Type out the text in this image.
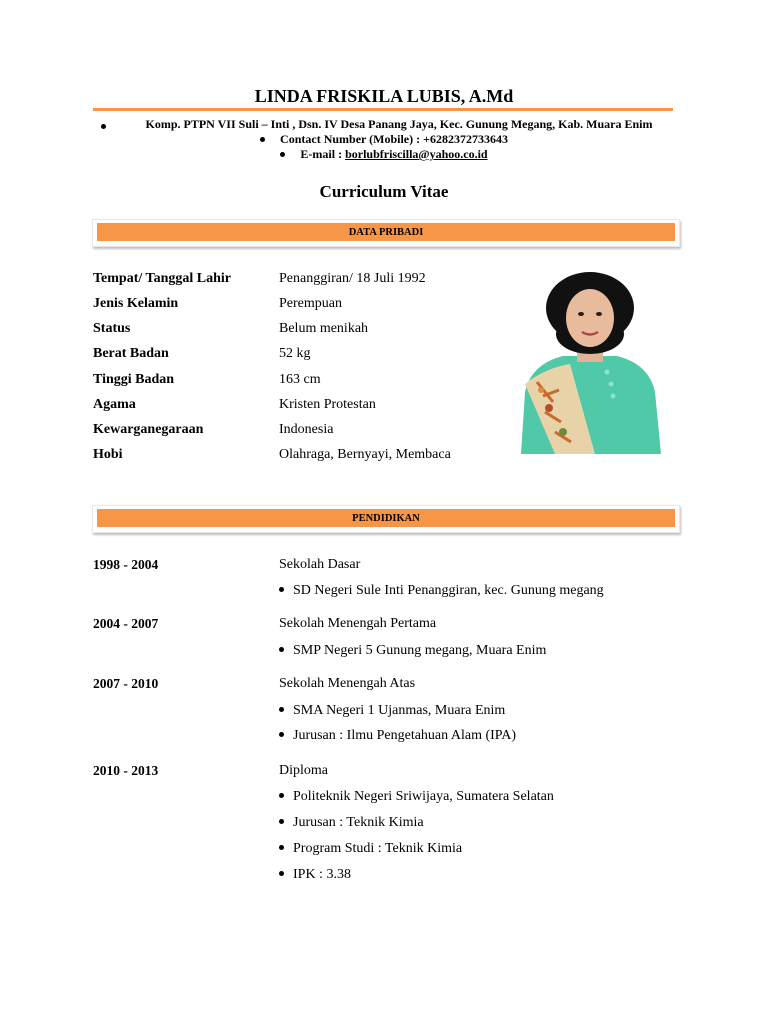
LINDA FRISKILA LUBIS, A.Md
Komp. PTPN VII Suli – Inti , Dsn. IV Desa Panang Jaya, Kec. Gunung Megang, Kab. Muara Enim
Contact Number (Mobile) : +6282372733643
E-mail : borlubfriscilla@yahoo.co.id
Curriculum Vitae
DATA PRIBADI
Tempat/ Tanggal Lahir	Penanggiran/ 18 Juli 1992
Jenis Kelamin	Perempuan
Status	Belum menikah
Berat Badan	52 kg
Tinggi Badan	163 cm
Agama	Kristen Protestan
Kewarganegaraan	Indonesia
Hobi	Olahraga, Bernyayi, Membaca
PENDIDIKAN
1998 - 2004	Sekolah Dasar
SD Negeri Sule Inti Penanggiran, kec. Gunung megang
2004 - 2007	Sekolah Menengah Pertama
SMP Negeri 5 Gunung megang, Muara Enim
2007 - 2010	Sekolah Menengah Atas
SMA Negeri 1 Ujanmas, Muara Enim
Jurusan : Ilmu Pengetahuan Alam (IPA)
2010 - 2013	Diploma
Politeknik Negeri Sriwijaya, Sumatera Selatan
Jurusan : Teknik Kimia
Program Studi : Teknik Kimia
IPK : 3.38
